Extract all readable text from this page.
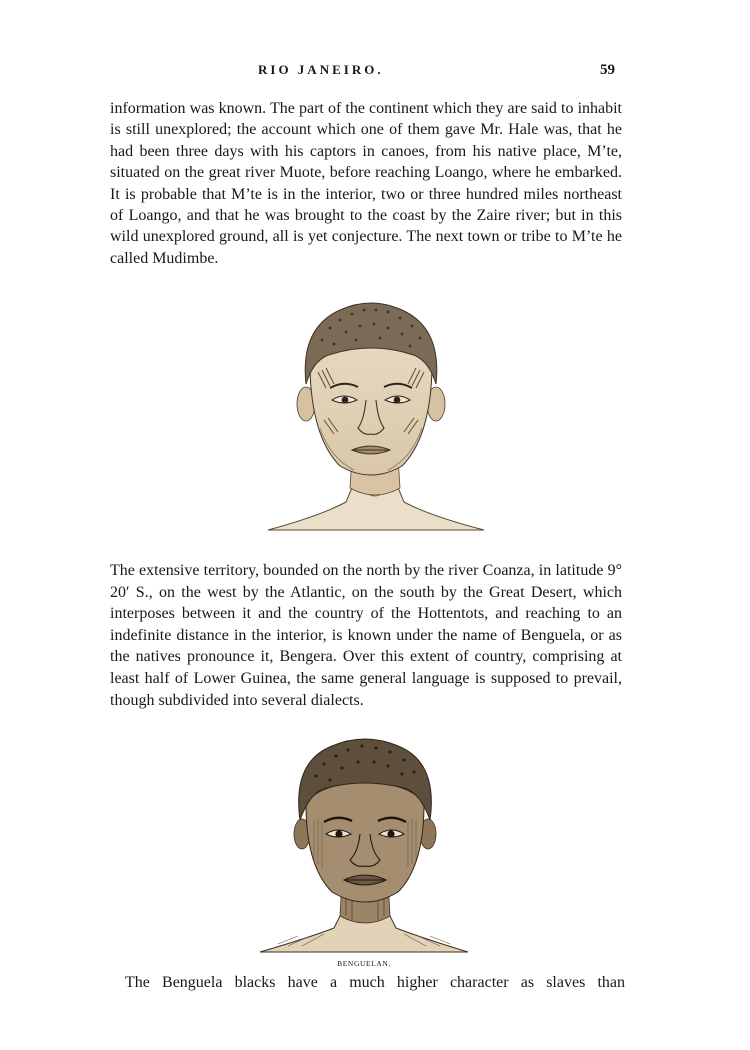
RIO JANEIRO.	59

information was known. The part of the continent which they are said to inhabit is still unexplored; the account which one of them gave Mr. Hale was, that he had been three days with his captors in canoes, from his native place, M’te, situated on the great river Muote, before reaching Loango, where he embarked. It is probable that M’te is in the interior, two or three hundred miles northeast of Loango, and that he was brought to the coast by the Zaire river; but in this wild unexplored ground, all is yet conjecture. The next town or tribe to M’te he called Mudimbe.

The extensive territory, bounded on the north by the river Coanza, in latitude 9° 20′ S., on the west by the Atlantic, on the south by the Great Desert, which interposes between it and the country of the Hottentots, and reaching to an indefinite distance in the interior, is known under the name of Benguela, or as the natives pronounce it, Bengera. Over this extent of country, comprising at least half of Lower Guinea, the same general language is supposed to prevail, though subdivided into several dialects.

BENGUELAN.

The Benguela blacks have a much higher character as slaves than
